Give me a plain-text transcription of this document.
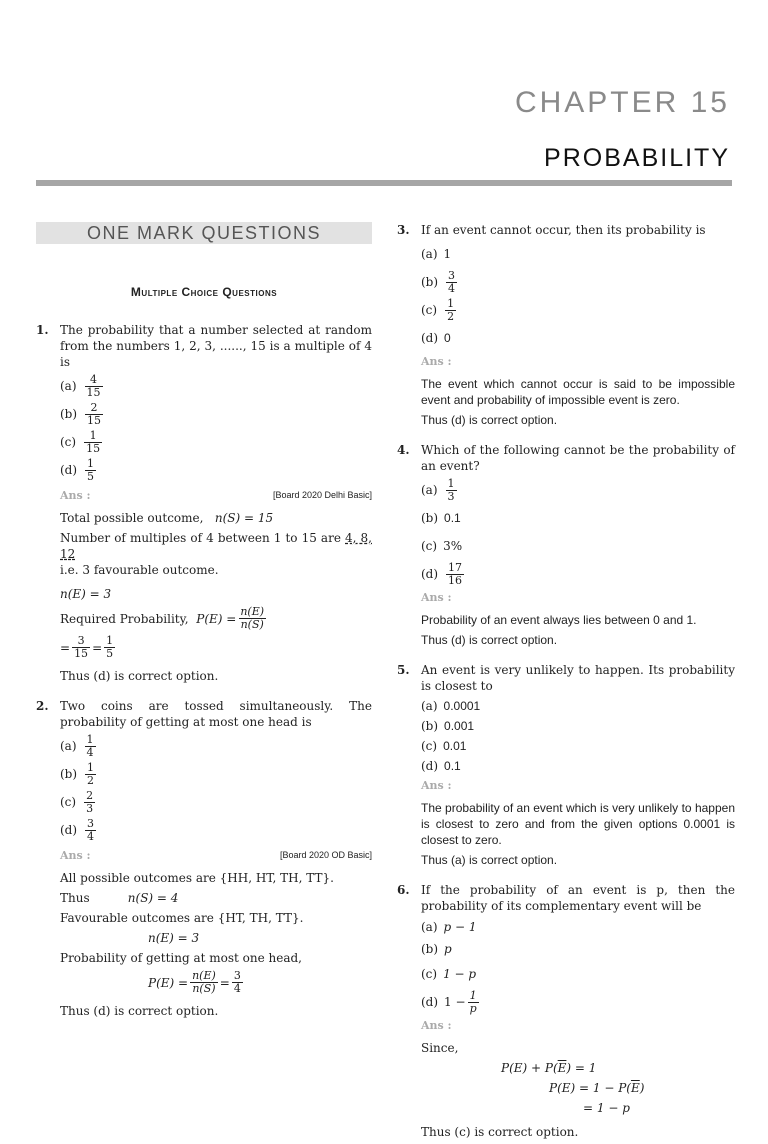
CHAPTER 15
PROBABILITY
ONE MARK QUESTIONS
Multiple Choice Questions
1. The probability that a number selected at random from the numbers 1, 2, 3, ......, 15 is a multiple of 4 is
$(a) \frac{4}{15}$
$(b) \frac{2}{15}$
$(c) \frac{1}{15}$
$(d) \frac{1}{5}$
Ans :	[Board 2020 Delhi Basic]

Total possible outcome, n(S) = 15

Number of multiples of 4 between 1 to 15 are 4, 8, 12

i.e. 3 favourable outcome.

n(E) = 3

Required Probability,
$P(E) = \frac{n(E)}{n(S)}$
= $\frac{3}{15} = \frac{1}{5}$

Thus (d) is correct option.

2. Two coins are tossed simultaneously. The probability of getting at most one head is
$(a) \frac{1}{4}$
$(b) \frac{1}{2}$
$(c) \frac{2}{3}$
$(d) \frac{3}{4}$
Ans :	[Board 2020 OD Basic]

All possible outcomes are {HH, HT, TH, TT}.

Thus	n(S) = 4

Favourable outcomes are {HT, TH, TT}.

n(E) = 3

Probability of getting at most one head,

$P(E) = \frac{n(E)}{n(S)} = \frac{3}{4}$

Thus (d) is correct option.

3. If an event cannot occur, then its probability is
(a) 1
$(b) \frac{3}{4}$
$(c) \frac{1}{2}$
(d) 0
Ans :

The event which cannot occur is said to be impossible event and probability of impossible event is zero.

Thus (d) is correct option.

4. Which of the following cannot be the probability of an event?
$(a) \frac{1}{3}$
(b) 0.1
(c) 3%
$(d) \frac{17}{16}$
Ans :

Probability of an event always lies between 0 and 1.

Thus (d) is correct option.

5. An event is very unlikely to happen. Its probability is closest to
(a) 0.0001
(b) 0.001
(c) 0.01
(d) 0.1
Ans :

The probability of an event which is very unlikely to happen is closest to zero and from the given options 0.0001 is closest to zero.

Thus (a) is correct option.

6. If the probability of an event is p, then the probability of its complementary event will be
(a) p − 1
(b) p
(c) 1 − p
(d) $1 - \frac{1}{p}$
Ans :

Since,

$P(E) + P(\overline{E}) = 1$

$P(E) = 1 - P(\overline{E})$

= 1 − p

Thus (c) is correct option.
